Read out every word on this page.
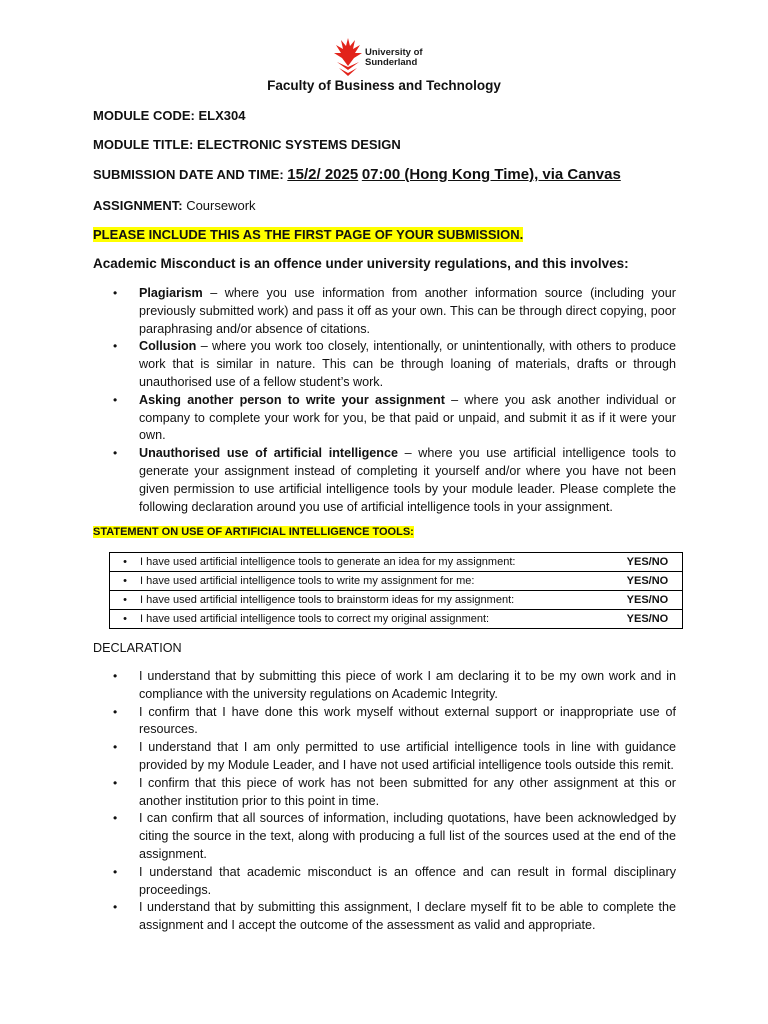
University of
Sunderland
Faculty of Business and Technology
MODULE CODE: ELX304
MODULE TITLE: ELECTRONIC SYSTEMS DESIGN
SUBMISSION DATE AND TIME: 15/2/ 2025 07:00 (Hong Kong Time), via Canvas
ASSIGNMENT: Coursework
PLEASE INCLUDE THIS AS THE FIRST PAGE OF YOUR SUBMISSION.
Academic Misconduct is an offence under university regulations, and this involves:
• Plagiarism – where you use information from another information source (including your previously submitted work) and pass it off as your own. This can be through direct copying, poor paraphrasing and/or absence of citations.
• Collusion – where you work too closely, intentionally, or unintentionally, with others to produce work that is similar in nature. This can be through loaning of materials, drafts or through unauthorised use of a fellow student’s work.
• Asking another person to write your assignment – where you ask another individual or company to complete your work for you, be that paid or unpaid, and submit it as if it were your own.
• Unauthorised use of artificial intelligence – where you use artificial intelligence tools to generate your assignment instead of completing it yourself and/or where you have not been given permission to use artificial intelligence tools by your module leader. Please complete the following declaration around you use of artificial intelligence tools in your assignment.
STATEMENT ON USE OF ARTIFICIAL INTELLIGENCE TOOLS:
•	I have used artificial intelligence tools to generate an idea for my assignment:	YES/NO
•	I have used artificial intelligence tools to write my assignment for me:	YES/NO
•	I have used artificial intelligence tools to brainstorm ideas for my assignment:	YES/NO
•	I have used artificial intelligence tools to correct my original assignment:	YES/NO
DECLARATION
• I understand that by submitting this piece of work I am declaring it to be my own work and in compliance with the university regulations on Academic Integrity.
• I confirm that I have done this work myself without external support or inappropriate use of resources.
• I understand that I am only permitted to use artificial intelligence tools in line with guidance provided by my Module Leader, and I have not used artificial intelligence tools outside this remit.
• I confirm that this piece of work has not been submitted for any other assignment at this or another institution prior to this point in time.
• I can confirm that all sources of information, including quotations, have been acknowledged by citing the source in the text, along with producing a full list of the sources used at the end of the assignment.
• I understand that academic misconduct is an offence and can result in formal disciplinary proceedings.
• I understand that by submitting this assignment, I declare myself fit to be able to complete the assignment and I accept the outcome of the assessment as valid and appropriate.
